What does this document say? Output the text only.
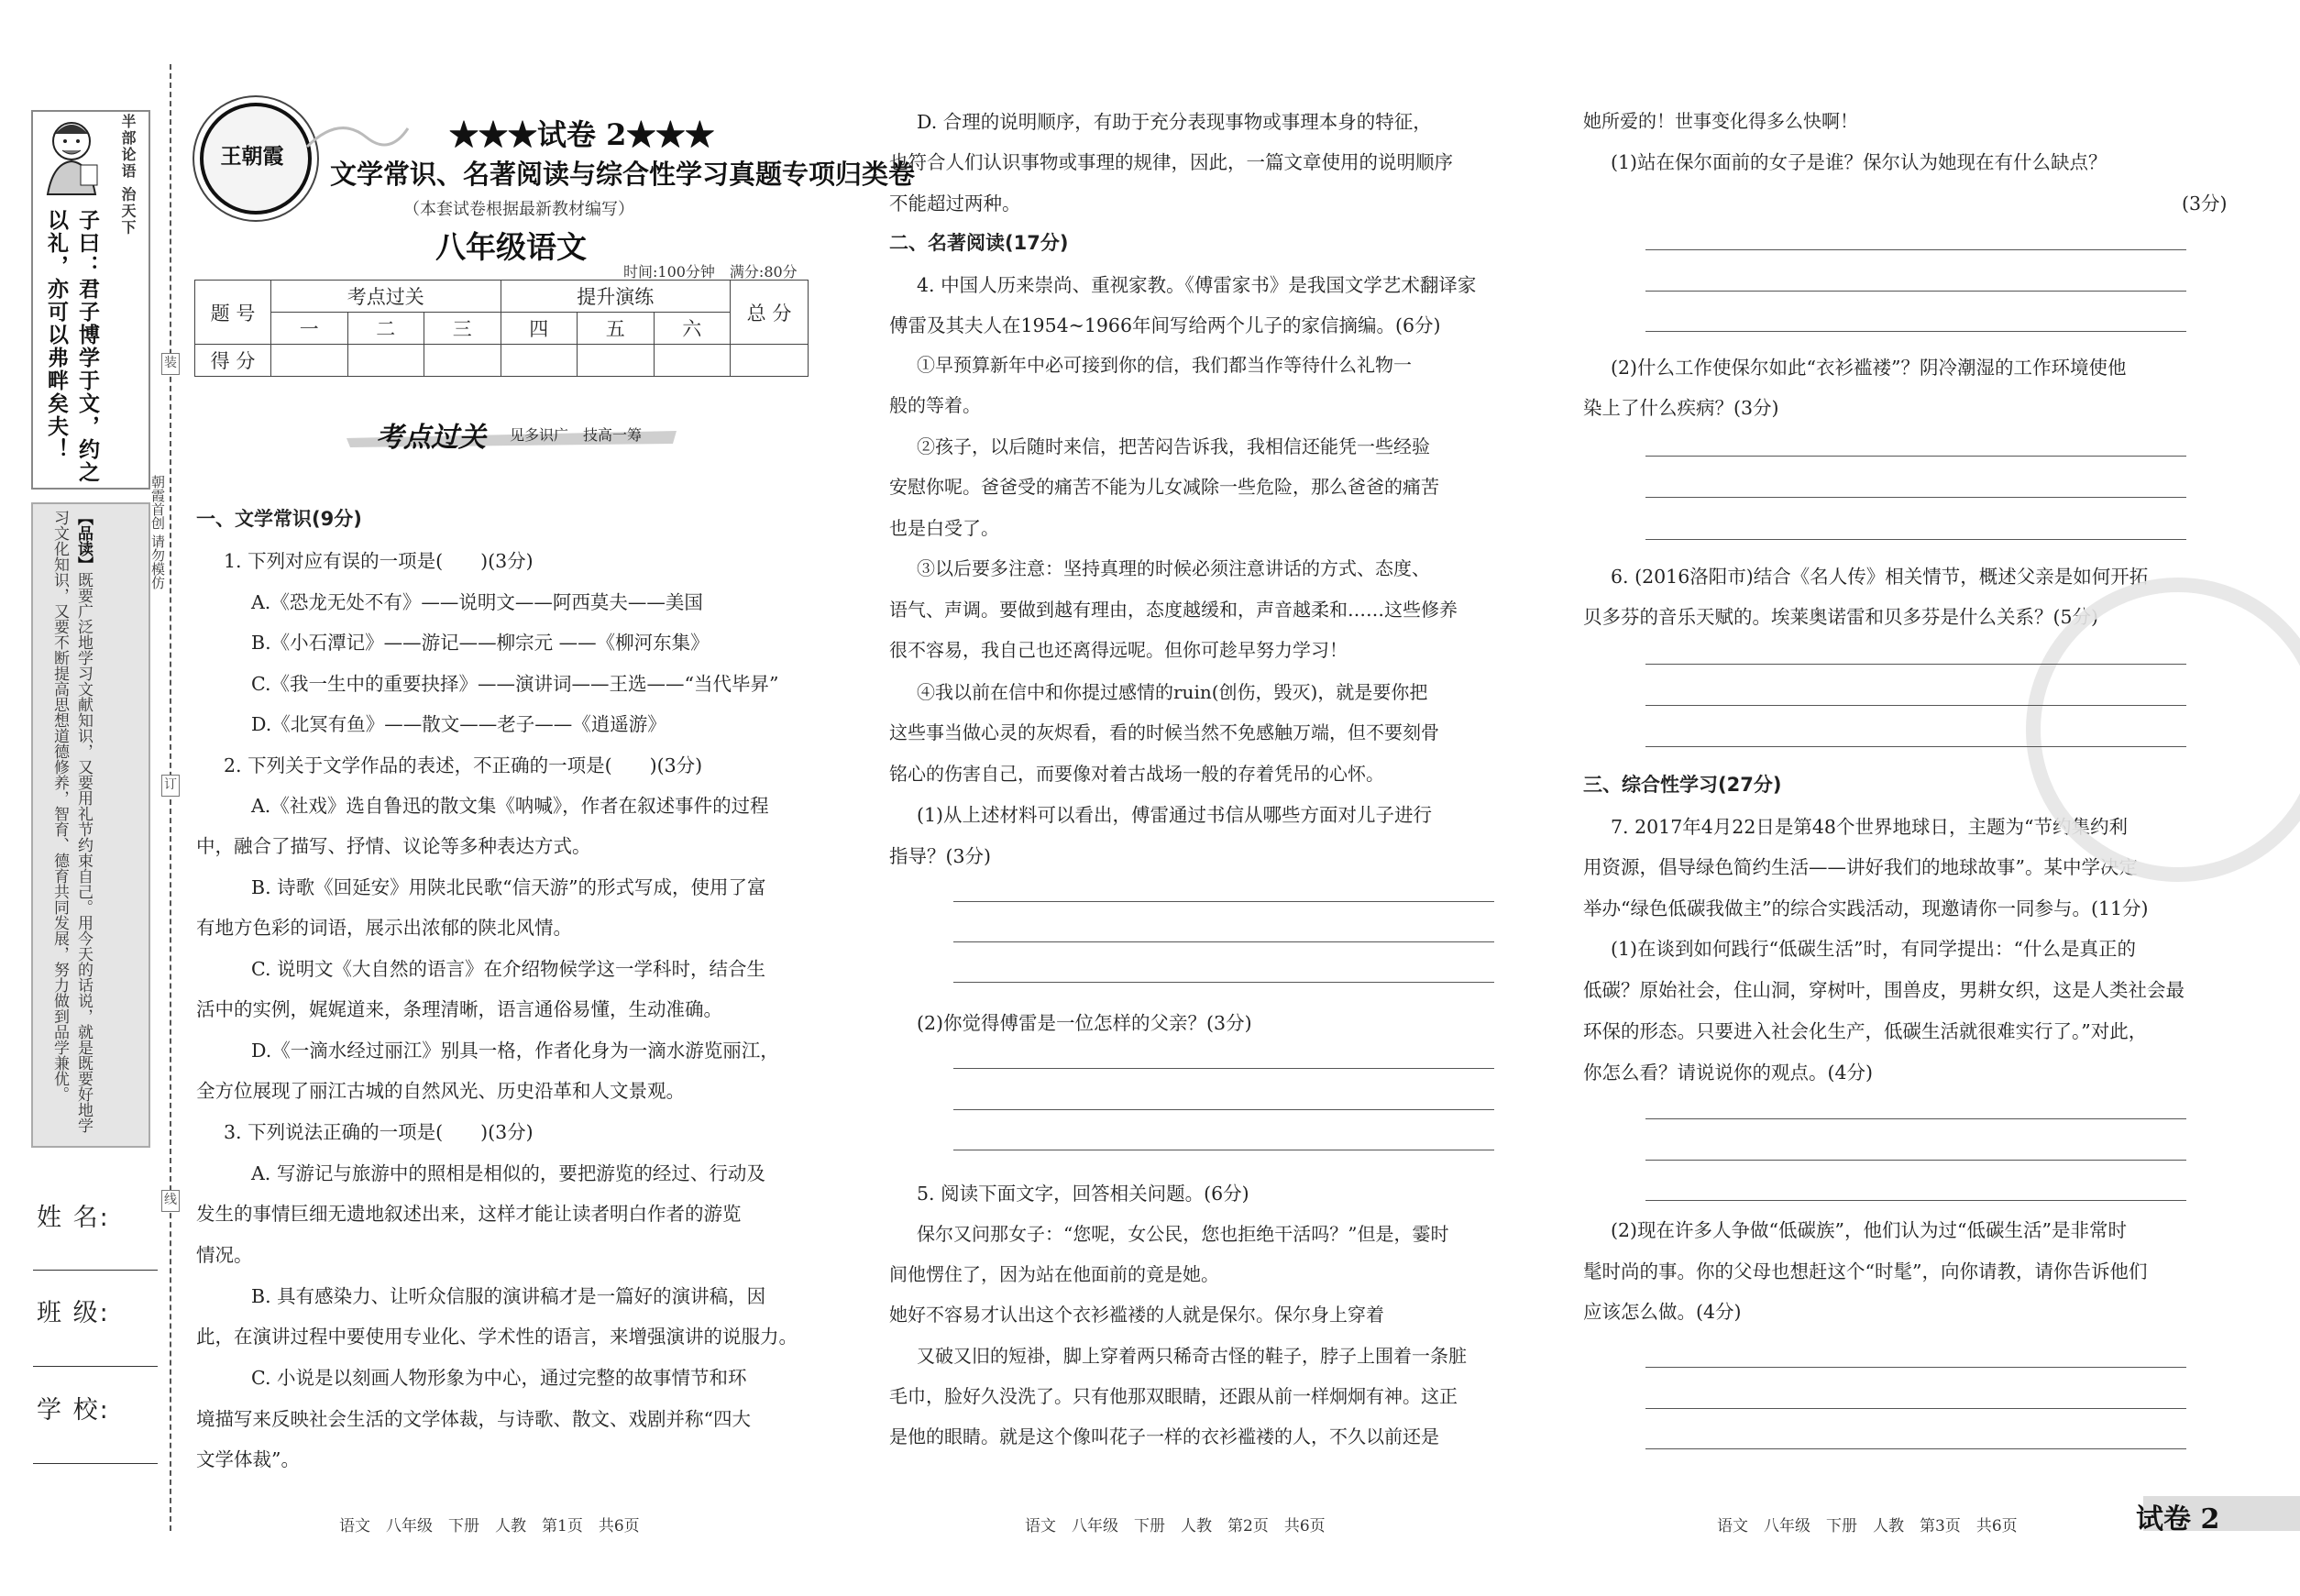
半部论语 治天下
子曰：君子博学于文，约之以礼，亦可以弗畔矣夫！
【品读】既要广泛地学习文献知识，又要用礼节约束自己。用今天的话说，就是既要好地学习文化知识，又要不断提高思想道德修养，智育、德育共同发展，努力做到品学兼优。	朝霞首创 请勿模仿
姓 名:
班 级:
学 校:
装
订
线
王朝霞
★★★试卷 2★★★
文学常识、名著阅读与综合性学习真题专项归类卷
（本套试卷根据最新教材编写）
八年级语文
时间:100分钟　满分:80分
题 号	考点过关			提升演练			总 分
	一	二	三	四	五	六	
得 分							
考点过关 见多识广　技高一筹
一、文学常识(9分)
1. 下列对应有误的一项是(　　)(3分)
A.《恐龙无处不有》——说明文——阿西莫夫——美国
B.《小石潭记》——游记——柳宗元 ——《柳河东集》
C.《我一生中的重要抉择》——演讲词——王选——“当代毕昇”
D.《北冥有鱼》——散文——老子——《逍遥游》
2. 下列关于文学作品的表述，不正确的一项是(　　)(3分)
A.《社戏》选自鲁迅的散文集《呐喊》，作者在叙述事件的过程
中，融合了描写、抒情、议论等多种表达方式。
B. 诗歌《回延安》用陕北民歌“信天游”的形式写成，使用了富
有地方色彩的词语，展示出浓郁的陕北风情。
C. 说明文《大自然的语言》在介绍物候学这一学科时，结合生
活中的实例，娓娓道来，条理清晰，语言通俗易懂，生动准确。
D.《一滴水经过丽江》别具一格，作者化身为一滴水游览丽江，
全方位展现了丽江古城的自然风光、历史沿革和人文景观。
3. 下列说法正确的一项是(　　)(3分)
A. 写游记与旅游中的照相是相似的，要把游览的经过、行动及
发生的事情巨细无遗地叙述出来，这样才能让读者明白作者的游览
情况。
B. 具有感染力、让听众信服的演讲稿才是一篇好的演讲稿，因
此，在演讲过程中要使用专业化、学术性的语言，来增强演讲的说服力。
C. 小说是以刻画人物形象为中心，通过完整的故事情节和环
境描写来反映社会生活的文学体裁，与诗歌、散文、戏剧并称“四大
文学体裁”。
D. 合理的说明顺序，有助于充分表现事物或事理本身的特征，
也符合人们认识事物或事理的规律，因此，一篇文章使用的说明顺序
不能超过两种。
二、名著阅读(17分)
4. 中国人历来崇尚、重视家教。《傅雷家书》是我国文学艺术翻译家
傅雷及其夫人在1954~1966年间写给两个儿子的家信摘编。(6分)
①早预算新年中必可接到你的信，我们都当作等待什么礼物一
般的等着。
②孩子，以后随时来信，把苦闷告诉我，我相信还能凭一些经验
安慰你呢。爸爸受的痛苦不能为儿女减除一些危险，那么爸爸的痛苦
也是白受了。
③以后要多注意：坚持真理的时候必须注意讲话的方式、态度、
语气、声调。要做到越有理由，态度越缓和，声音越柔和……这些修养
很不容易，我自己也还离得远呢。但你可趁早努力学习！
④我以前在信中和你提过感情的ruin(创伤，毁灭)，就是要你把
这些事当做心灵的灰烬看，看的时候当然不免感触万端，但不要刻骨
铭心的伤害自己，而要像对着古战场一般的存着凭吊的心怀。
(1)从上述材料可以看出，傅雷通过书信从哪些方面对儿子进行
指导？(3分)
(2)你觉得傅雷是一位怎样的父亲？(3分)
5. 阅读下面文字，回答相关问题。(6分)
保尔又问那女子：“您呢，女公民，您也拒绝干活吗？”但是，霎时
间他愣住了，因为站在他面前的竟是她。
她好不容易才认出这个衣衫褴褛的人就是保尔。保尔身上穿着
又破又旧的短褂，脚上穿着两只稀奇古怪的鞋子，脖子上围着一条脏
毛巾，脸好久没洗了。只有他那双眼睛，还跟从前一样炯炯有神。这正
是他的眼睛。就是这个像叫花子一样的衣衫褴褛的人，不久以前还是
她所爱的！世事变化得多么快啊！
(1)站在保尔面前的女子是谁？保尔认为她现在有什么缺点？
(3分)
(2)什么工作使保尔如此“衣衫褴褛”？阴冷潮湿的工作环境使他
染上了什么疾病？(3分)
6. (2016洛阳市)结合《名人传》相关情节，概述父亲是如何开拓
贝多芬的音乐天赋的。埃莱奥诺雷和贝多芬是什么关系？(5分)
三、综合性学习(27分)
7. 2017年4月22日是第48个世界地球日，主题为“节约集约利
用资源，倡导绿色简约生活——讲好我们的地球故事”。某中学决定
举办“绿色低碳我做主”的综合实践活动，现邀请你一同参与。(11分)
(1)在谈到如何践行“低碳生活”时，有同学提出：“什么是真正的
低碳？原始社会，住山洞，穿树叶，围兽皮，男耕女织，这是人类社会最
环保的形态。只要进入社会化生产，低碳生活就很难实行了。”对此，
你怎么看？请说说你的观点。(4分)
(2)现在许多人争做“低碳族”，他们认为过“低碳生活”是非常时
髦时尚的事。你的父母也想赶这个“时髦”，向你请教，请你告诉他们
应该怎么做。(4分)
语文　八年级　下册　人教　第1页　共6页	语文　八年级　下册　人教　第2页　共6页	语文　八年级　下册　人教　第3页　共6页	试卷 2
